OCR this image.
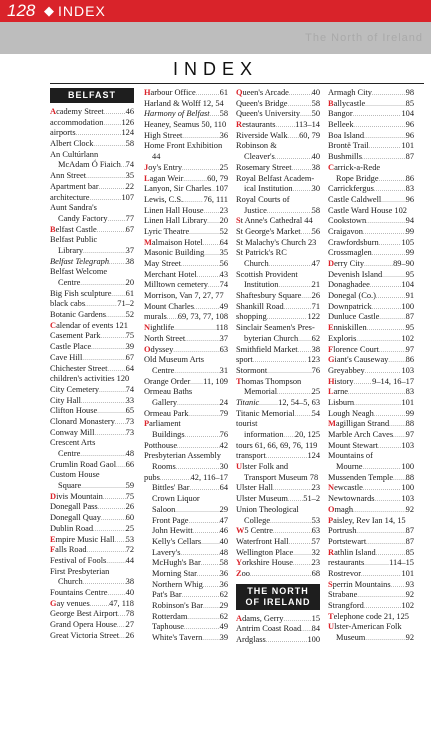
128 ◆ INDEX
The North of Ireland
INDEX
BELFAST
Academy Street .....	46
accommodation ..... 126
airports .....	124
Albert Clock .....	58
An Cultúrlann
McAdam Ó Fiaich ..... 74
Ann Street .....	35
Apartment bar .....	22
architecture .....	107
Aunt Sandra's
Candy Factory ..... 77
Belfast Castle .....	67
Belfast Public
Library .....	37
Belfast Telegraph ..... 38
Belfast Welcome
Centre .....	20
Big Fish sculpture ..... 61
black cabs .....	71–2
Botanic Gardens ..... 52
Calendar of events 121
Casement Park .....	75
Castle Place .....	39
Cave Hill .....	67
Chichester Street ..... 64
children's activities 120
City Cemetery .....	74
City Hall .....	33
Clifton House .....	65
Clonard Monastery ..... 73
Conway Mill .....	73
Crescent Arts
Centre .....	48
Crumlin Road Gaol ..... 66
Custom House
Square .....	59
Divis Mountain .....	75
Donegall Pass .....	26
Donegall Quay .....	60
Dublin Road .....	25
Empire Music Hall ..... 53
Falls Road .....	72
Festival of Fools ..... 44
First Presbyterian
Church .....	38
Fountains Centre ..... 40
Gay venues ..... 47, 118
George Best Airport ..... 78
Grand Opera House ..... 27
Great Victoria Street ..... 26
Harbour Office .....	61
Harland & Wolff 12, 54
Harmony of Belfast ..... 58
Heaney, Seamus 50, 110
High Street .....	36
Home Front Exhibition
44
Joy's Entry .....	25
Lagan Weir .....	60, 79
Lanyon, Sir Charles ..... 107
Lewis, C.S. ..... 76, 111
Linen Hall House ..... 23
Linen Hall Library ..... 20
Lyric Theatre .....	52
Malmaison Hotel ..... 64
Masonic Building ..... 35
May Street .....	56
Merchant Hotel .....	43
Milltown cemetery ..... 74
Morrison, Van 7, 27, 77
Mount Charles .....	49
murals ..... 69, 73, 77, 108
Nightlife .....	118
North Street .....	37
Odyssey .....	63
Old Museum Arts
Centre .....	31
Orange Order ..... 11, 109
Ormeau Baths
Gallery .....	24
Ormeau Park .....	79
Parliament
Buildings .....	76
Potthouse .....	42
Presbyterian Assembly
Rooms .....	30
pubs .....	42, 116–17
Bittles' Bar .....	64
Crown Liquor
Saloon .....	29
Front Page .....	47
John Hewitt .....	46
Kelly's Cellars ..... 40
Lavery's .....	48
McHugh's Bar ..... 58
Morning Star .....	36
Northern Whig ..... 36
Pat's Bar .....	62
Robinson's Bar ..... 29
Rotterdam .....	62
Taphouse .....	49
White's Tavern ..... 39
Queen's Arcade .....	40
Queen's Bridge .....	58
Queen's University ..... 50
Restaurants ..... 113–14
Riverside Walk ..... 60, 79
Robinson &
Cleaver's .....	40
Rosemary Street ..... 38
Royal Belfast Academ-
ical Institution ..... 30
Royal Courts of
Justice .....	58
St Anne's Cathedral 44
St George's Market ..... 56
St Malachy's Church 23
St Patrick's RC
Church .....	47
Scottish Provident
Institution .....	21
Shaftesbury Square ..... 26
Shankill Road .....	71
shopping .....	122
Sinclair Seamen's Pres-
byterian Church ..... 62
Smithfield Market ..... 38
sport .....	123
Stormont .....	76
Thomas Thompson
Memorial .....	25
Titanic ..... 12, 54–5, 63
Titanic Memorial ..... 54
tourist
information ..... 20, 125
tours 61, 66, 69, 76, 119
transport .....	124
Ulster Folk and
Transport Museum 78
Ulster Hall .....	23
Ulster Museum ..... 51–2
Union Theological
College .....	53
W5 Centre .....	63
Waterfront Hall .....	57
Wellington Place ..... 32
Yorkshire House ..... 23
Zoo .....	68
THE NORTH
OF IRELAND
Adams, Gerry .....	15
Antrim Coast Road ..... 84
Ardglass .....	100
Armagh City .....	98
Ballycastle .....	85
Bangor .....	104
Belleek .....	96
Boa Island .....	96
Brontë Trail .....	101
Bushmills .....	87
Carrick-a-Rede
Rope Bridge .....	86
Carrickfergus .....	83
Castle Caldwell .....	96
Castle Ward House 102
Cookstown .....	94
Craigavon .....	99
Crawfordsburn .....	105
Crossmaglen .....	99
Derry City .....	89–90
Devenish Island .....	95
Donaghadee .....	104
Donegal (Co.) .....	91
Downpatrick .....	100
Dunluce Castle .....	87
Enniskillen .....	95
Exploris .....	102
Florence Court .....	97
Giant's Causeway ..... 86
Greyabbey .....	103
History ..... 9–14, 16–17
Larne .....	83
Lisburn .....	101
Lough Neagh .....	99
Magilligan Strand ..... 88
Marble Arch Caves ..... 97
Mount Stewart .....	103
Mountains of
Mourne .....	100
Mussenden Temple ..... 88
Newcastle .....	100
Newtownards .....	103
Omagh .....	92
Paisley, Rev Ian 14, 15
Portrush .....	87
Portstewart .....	87
Rathlin Island .....	85
restaurants .....	114–15
Rostrevor .....	101
Sperrin Mountains ..... 93
Strabane .....	92
Strangford .....	102
Telephone code 21, 125
Ulster-American Folk
Museum .....	92
